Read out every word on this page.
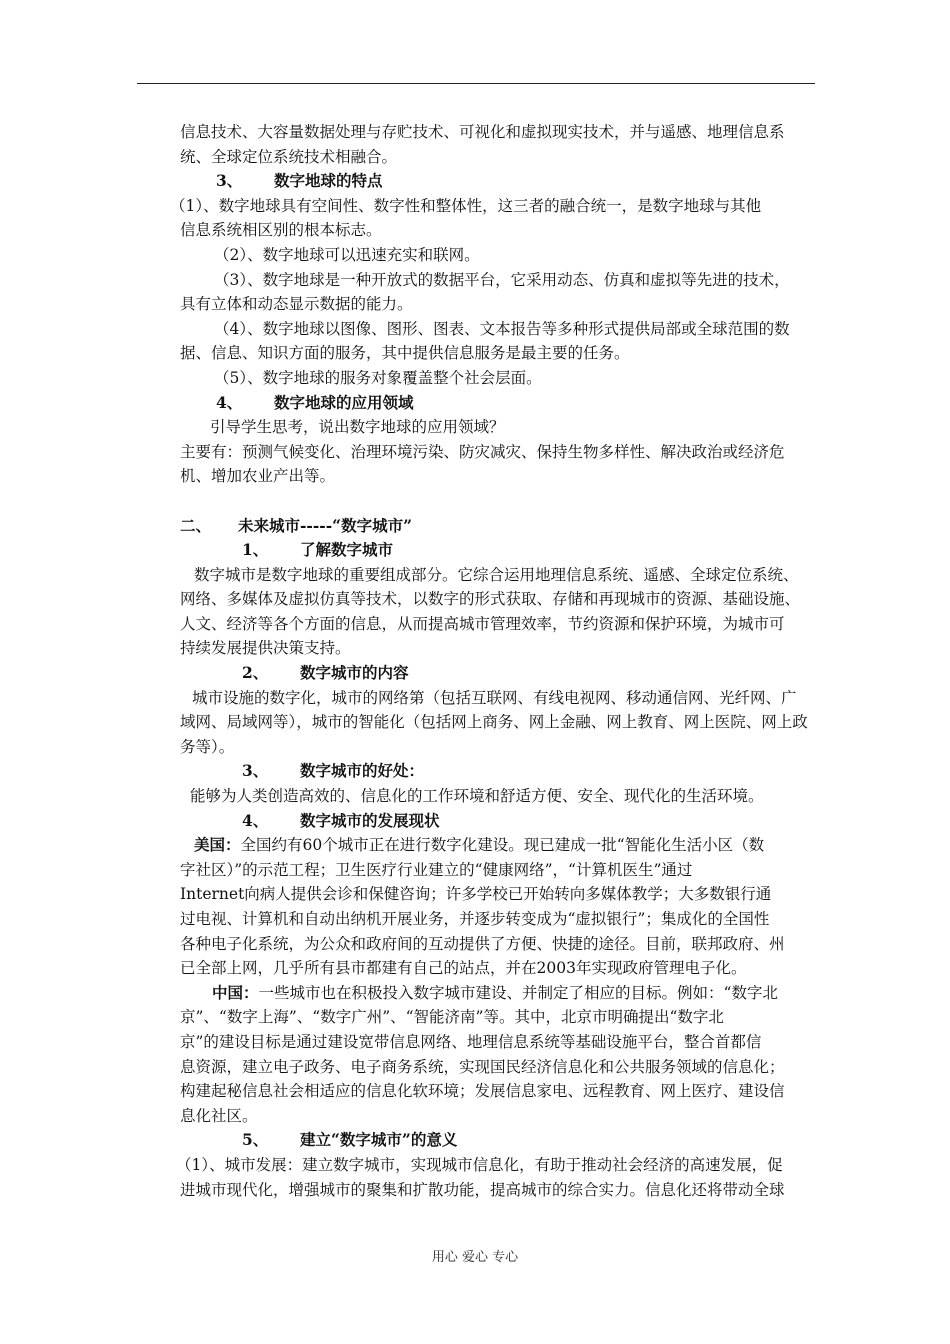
信息技术、大容量数据处理与存贮技术、可视化和虚拟现实技术，并与遥感、地理信息系

统、全球定位系统技术相融合。

3、 数字地球的特点

（1）、数字地球具有空间性、数字性和整体性，这三者的融合统一，是数字地球与其他

信息系统相区别的根本标志。

（2）、数字地球可以迅速充实和联网。

（3）、数字地球是一种开放式的数据平台，它采用动态、仿真和虚拟等先进的技术，

具有立体和动态显示数据的能力。

（4）、数字地球以图像、图形、图表、文本报告等多种形式提供局部或全球范围的数

据、信息、知识方面的服务，其中提供信息服务是最主要的任务。

（5）、数字地球的服务对象覆盖整个社会层面。

4、 数字地球的应用领域

引导学生思考，说出数字地球的应用领域？

主要有：预测气候变化、治理环境污染、防灾减灾、保持生物多样性、解决政治或经济危

机、增加农业产出等。

二、 未来城市-----“数字城市”

1、 了解数字城市

数字城市是数字地球的重要组成部分。它综合运用地理信息系统、遥感、全球定位系统、

网络、多媒体及虚拟仿真等技术，以数字的形式获取、存储和再现城市的资源、基础设施、

人文、经济等各个方面的信息，从而提高城市管理效率，节约资源和保护环境，为城市可

持续发展提供决策支持。

2、 数字城市的内容

城市设施的数字化，城市的网络第（包括互联网、有线电视网、移动通信网、光纤网、广

域网、局域网等），城市的智能化（包括网上商务、网上金融、网上教育、网上医院、网上政

务等）。

3、 数字城市的好处：

能够为人类创造高效的、信息化的工作环境和舒适方便、安全、现代化的生活环境。

4、 数字城市的发展现状

美国：全国约有60个城市正在进行数字化建设。现已建成一批“智能化生活小区（数

字社区）”的示范工程；卫生医疗行业建立的“健康网络”，“计算机医生”通过

Internet向病人提供会诊和保健咨询；许多学校已开始转向多媒体教学；大多数银行通

过电视、计算机和自动出纳机开展业务，并逐步转变成为“虚拟银行”；集成化的全国性

各种电子化系统，为公众和政府间的互动提供了方便、快捷的途径。目前，联邦政府、州

已全部上网，几乎所有县市都建有自己的站点，并在2003年实现政府管理电子化。

中国：一些城市也在积极投入数字城市建设、并制定了相应的目标。例如：“数字北

京”、“数字上海”、“数字广州”、“智能济南”等。其中，北京市明确提出“数字北

京”的建设目标是通过建设宽带信息网络、地理信息系统等基础设施平台，整合首都信

息资源，建立电子政务、电子商务系统，实现国民经济信息化和公共服务领域的信息化；

构建起秘信息社会相适应的信息化软环境；发展信息家电、远程教育、网上医疗、建设信

息化社区。

5、 建立“数字城市”的意义

（1）、城市发展：建立数字城市，实现城市信息化，有助于推动社会经济的高速发展，促

进城市现代化，增强城市的聚集和扩散功能，提高城市的综合实力。信息化还将带动全球

用心 爱心 专心
